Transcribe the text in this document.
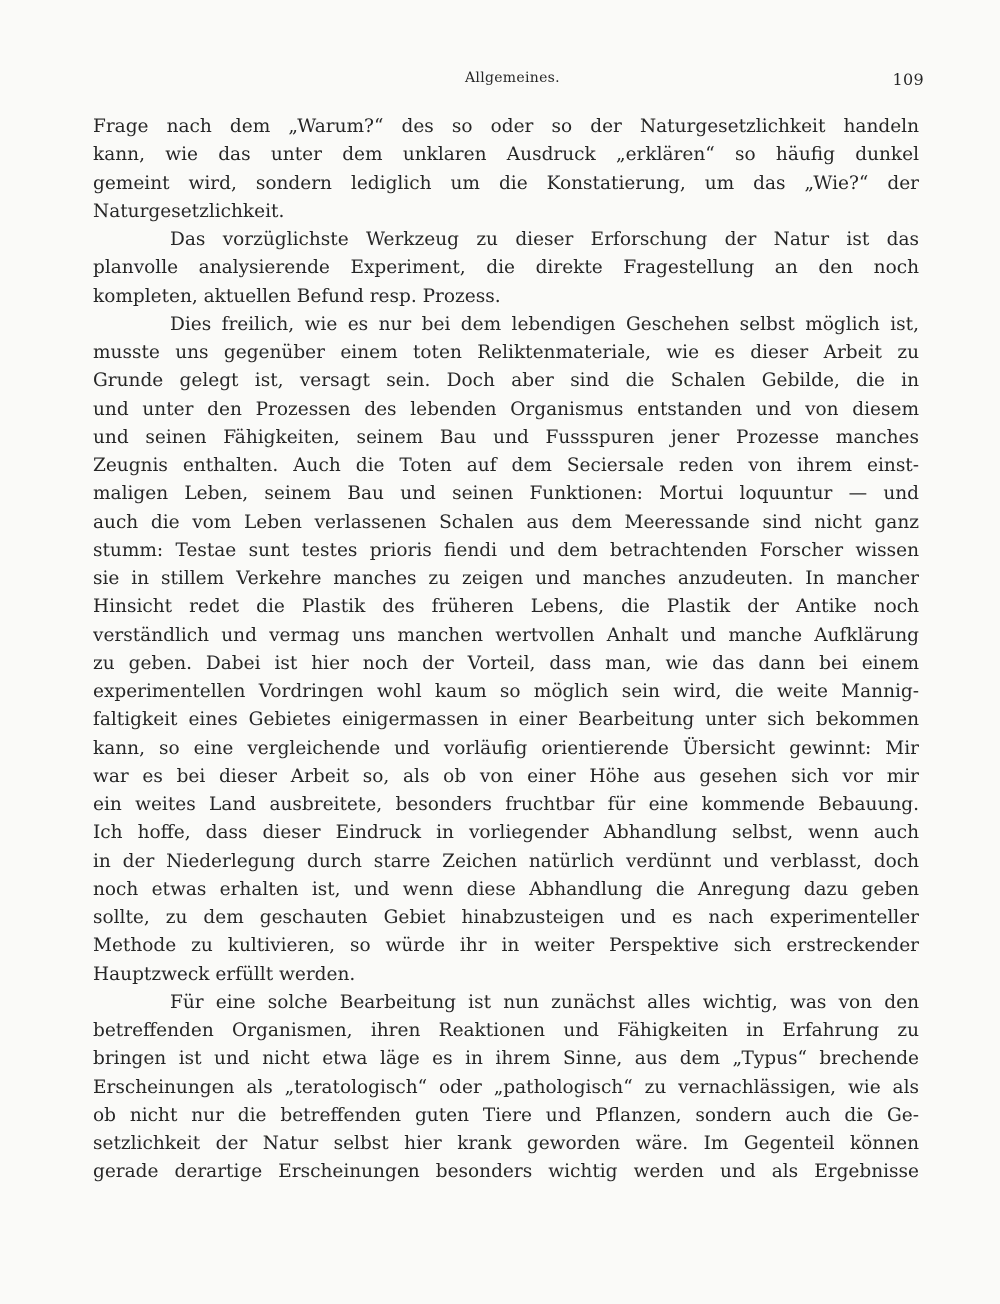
Allgemeines.	109
Frage nach dem „Warum?“ des so oder so der Naturgesetzlichkeit handeln
kann, wie das unter dem unklaren Ausdruck „erklären“ so häufig dunkel
gemeint wird, sondern lediglich um die Konstatierung, um das „Wie?“ der
Naturgesetzlichkeit.
Das vorzüglichste Werkzeug zu dieser Erforschung der Natur ist das
planvolle analysierende Experiment, die direkte Fragestellung an den noch
kompleten, aktuellen Befund resp. Prozess.
Dies freilich, wie es nur bei dem lebendigen Geschehen selbst möglich ist,
musste uns gegenüber einem toten Reliktenmateriale, wie es dieser Arbeit zu
Grunde gelegt ist, versagt sein. Doch aber sind die Schalen Gebilde, die in
und unter den Prozessen des lebenden Organismus entstanden und von diesem
und seinen Fähigkeiten, seinem Bau und Fussspuren jener Prozesse manches
Zeugnis enthalten. Auch die Toten auf dem Seciersale reden von ihrem einst-
maligen Leben, seinem Bau und seinen Funktionen: Mortui loquuntur — und
auch die vom Leben verlassenen Schalen aus dem Meeressande sind nicht ganz
stumm: Testae sunt testes prioris fiendi und dem betrachtenden Forscher wissen
sie in stillem Verkehre manches zu zeigen und manches anzudeuten. In mancher
Hinsicht redet die Plastik des früheren Lebens, die Plastik der Antike noch
verständlich und vermag uns manchen wertvollen Anhalt und manche Aufklärung
zu geben. Dabei ist hier noch der Vorteil, dass man, wie das dann bei einem
experimentellen Vordringen wohl kaum so möglich sein wird, die weite Mannig-
faltigkeit eines Gebietes einigermassen in einer Bearbeitung unter sich bekommen
kann, so eine vergleichende und vorläufig orientierende Übersicht gewinnt: Mir
war es bei dieser Arbeit so, als ob von einer Höhe aus gesehen sich vor mir
ein weites Land ausbreitete, besonders fruchtbar für eine kommende Bebauung.
Ich hoffe, dass dieser Eindruck in vorliegender Abhandlung selbst, wenn auch
in der Niederlegung durch starre Zeichen natürlich verdünnt und verblasst, doch
noch etwas erhalten ist, und wenn diese Abhandlung die Anregung dazu geben
sollte, zu dem geschauten Gebiet hinabzusteigen und es nach experimenteller
Methode zu kultivieren, so würde ihr in weiter Perspektive sich erstreckender
Hauptzweck erfüllt werden.
Für eine solche Bearbeitung ist nun zunächst alles wichtig, was von den
betreffenden Organismen, ihren Reaktionen und Fähigkeiten in Erfahrung zu
bringen ist und nicht etwa läge es in ihrem Sinne, aus dem „Typus“ brechende
Erscheinungen als „teratologisch“ oder „pathologisch“ zu vernachlässigen, wie als
ob nicht nur die betreffenden guten Tiere und Pflanzen, sondern auch die Ge-
setzlichkeit der Natur selbst hier krank geworden wäre. Im Gegenteil können
gerade derartige Erscheinungen besonders wichtig werden und als Ergebnisse
